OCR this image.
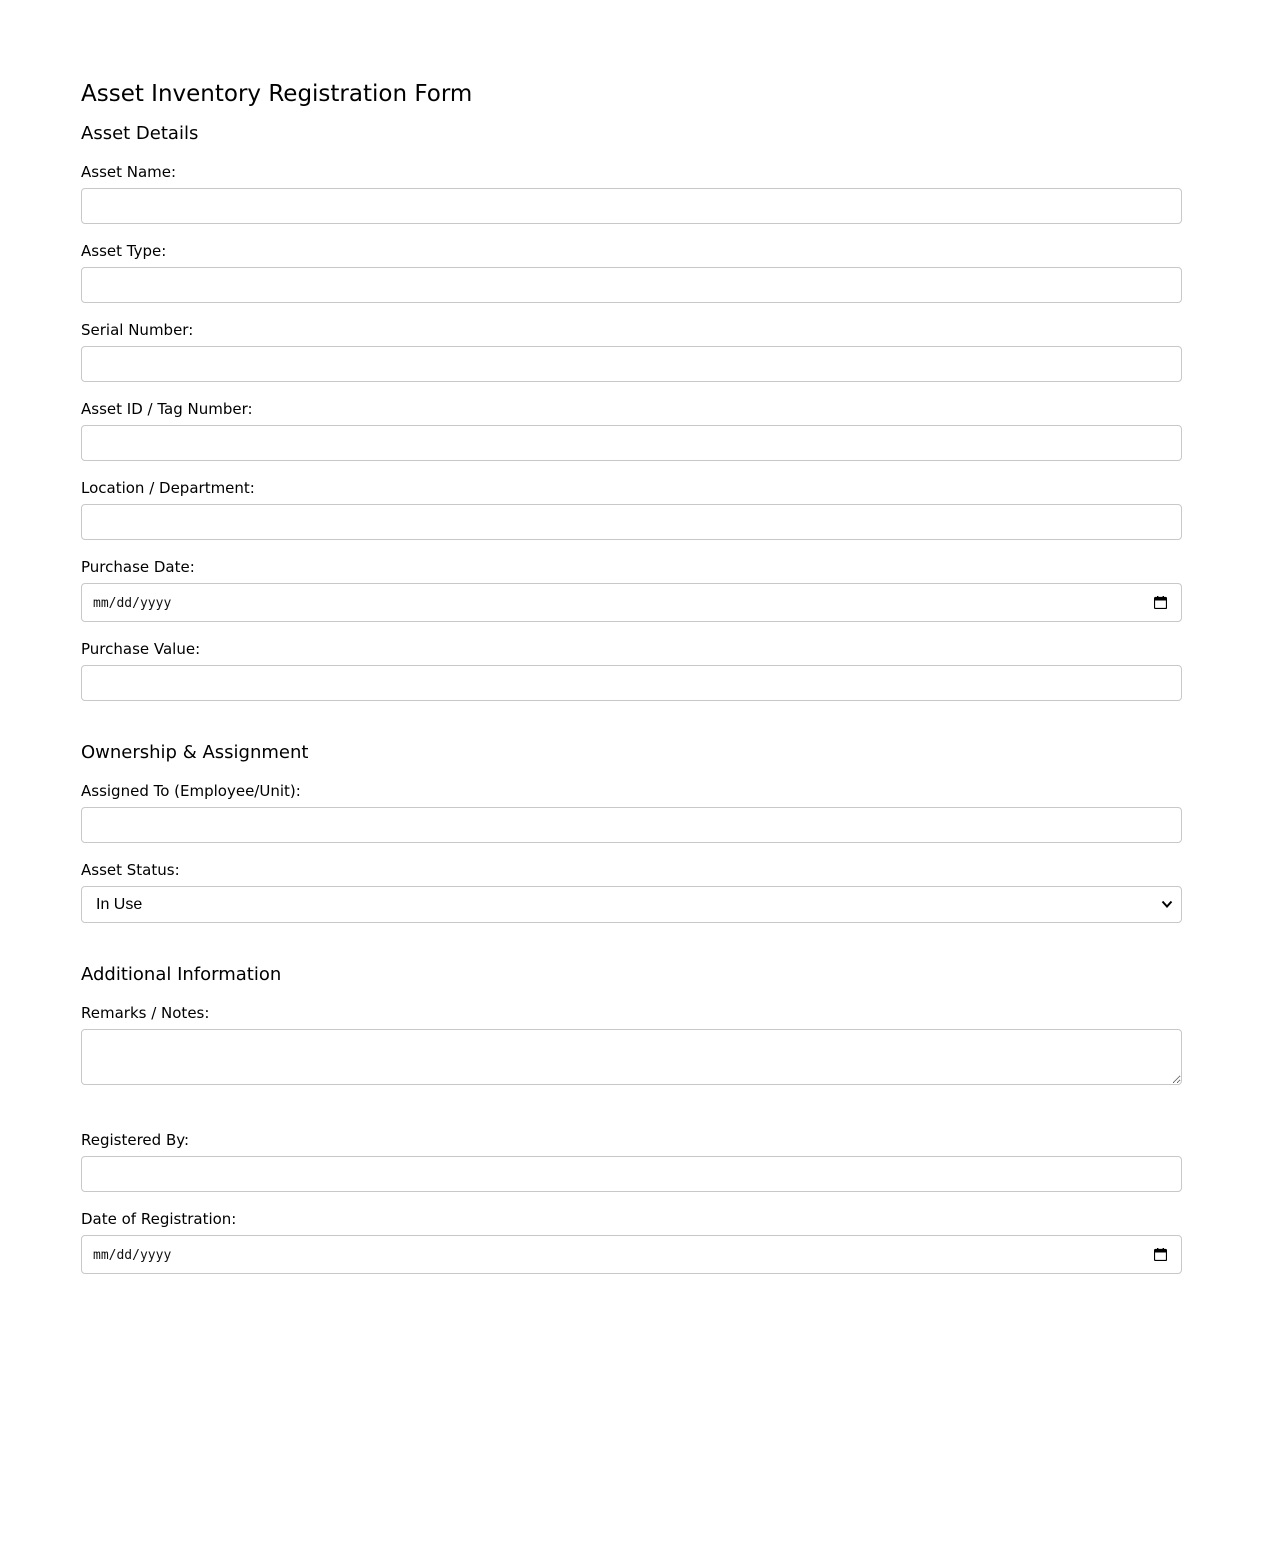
Asset Inventory Registration Form
Asset Details
Asset Name:
Asset Type:
Serial Number:
Asset ID / Tag Number:
Location / Department:
Purchase Date:
mm/dd/yyyy
Purchase Value:
Ownership & Assignment
Assigned To (Employee/Unit):
Asset Status:
In Use
Additional Information
Remarks / Notes:
Registered By:
Date of Registration:
mm/dd/yyyy
